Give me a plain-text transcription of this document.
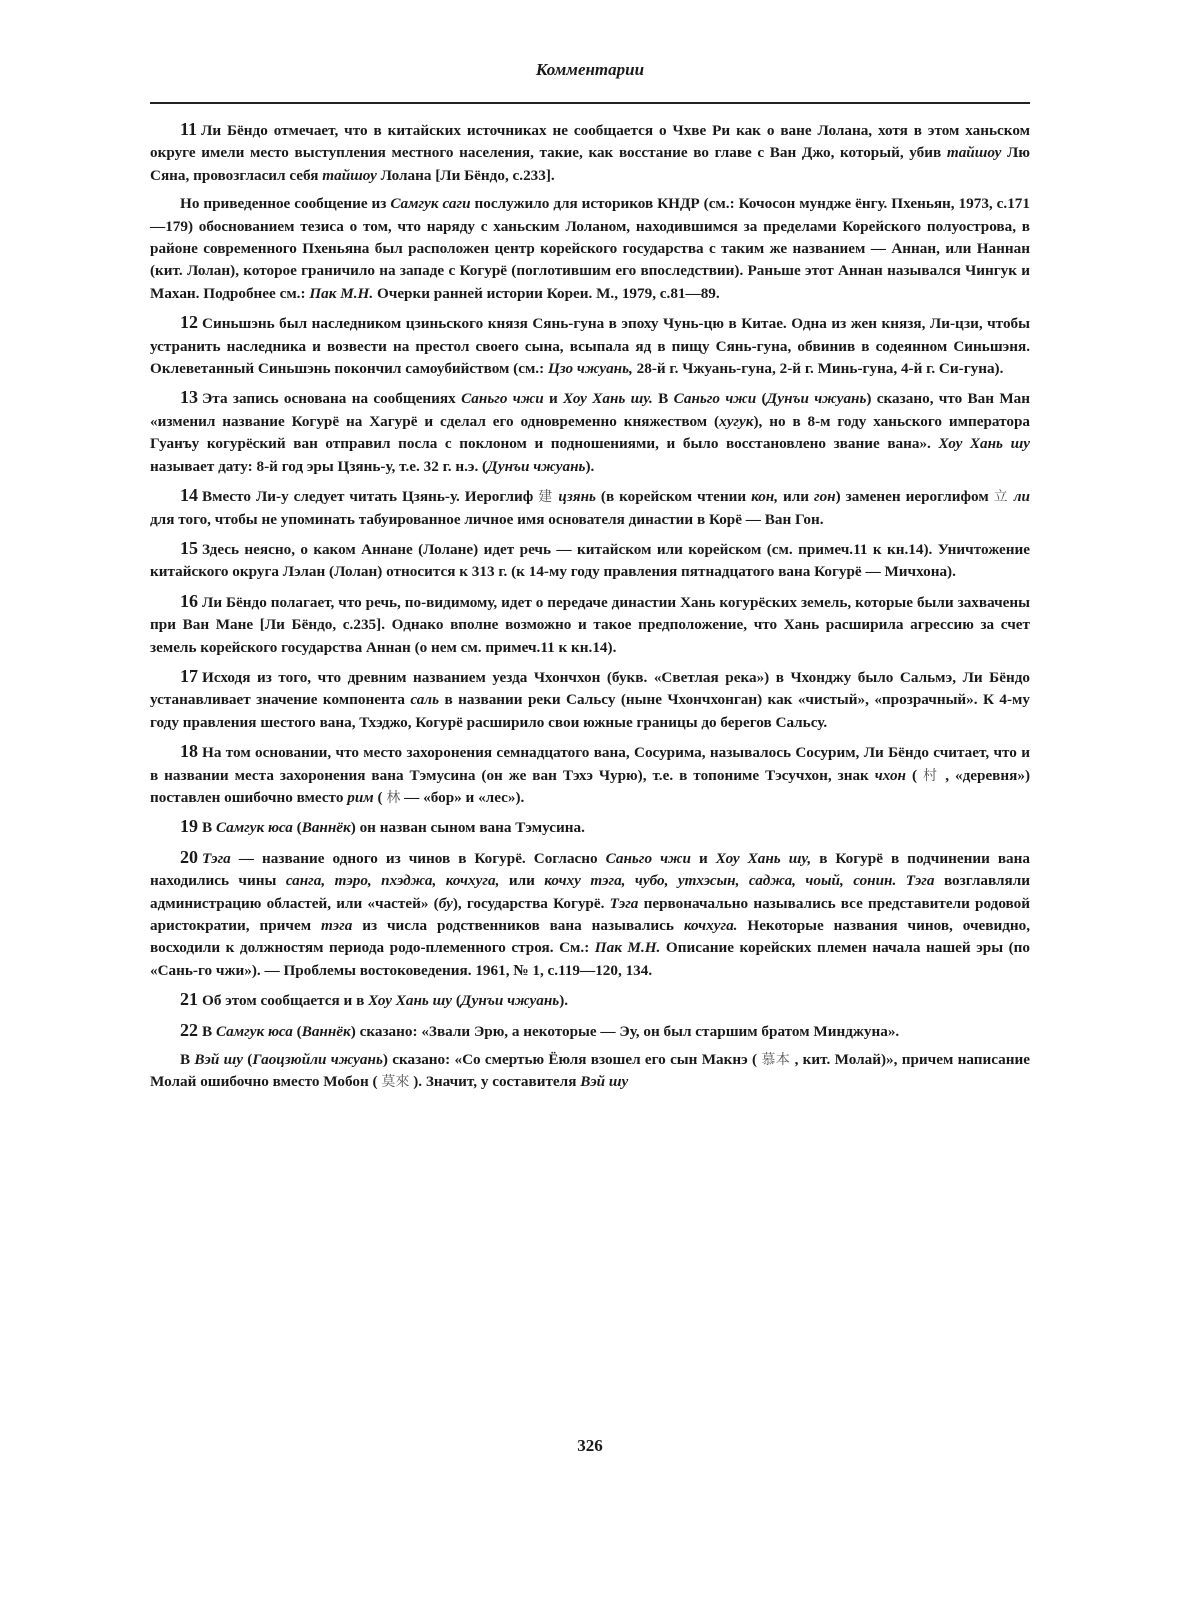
Комментарии

11 Ли Бёндо отмечает, что в китайских источниках не сообщается о Чхве Ри как о ване Лолана, хотя в этом ханьском округе имели место выступления местного населения, такие, как восстание во главе с Ван Джо, который, убив тайшоу Лю Сяна, провозгласил себя тайшоу Лолана [Ли Бёндо, с.233].

Но приведенное сообщение из Самгук саги послужило для историков КНДР (см.: Кочосон мундже ёнгу. Пхеньян, 1973, с.171—179) обоснованием тезиса о том, что наряду с ханьским Лоланом, находившимся за пределами Корейского полуострова, в районе современного Пхеньяна был расположен центр корейского государства с таким же названием — Аннан, или Наннан (кит. Лолан), которое граничило на западе с Когурё (поглотившим его впоследствии). Раньше этот Аннан назывался Чингук и Махан. Подробнее см.: Пак М.Н. Очерки ранней истории Кореи. М., 1979, с.81—89.

12 Синьшэнь был наследником цзиньского князя Сянь-гуна в эпоху Чунь-цю в Китае. Одна из жен князя, Ли-цзи, чтобы устранить наследника и возвести на престол своего сына, всыпала яд в пищу Сянь-гуна, обвинив в содеянном Синьшэня. Оклеветанный Синьшэнь покончил самоубийством (см.: Цзо чжуань, 28-й г. Чжуань-гуна, 2-й г. Минь-гуна, 4-й г. Си-гуна).

13 Эта запись основана на сообщениях Саньго чжи и Хоу Хань шу. В Саньго чжи (Дунъи чжуань) сказано, что Ван Ман «изменил название Когурё на Хагурё и сделал его одновременно княжеством (хугук), но в 8-м году ханьского императора Гуанъу когурёский ван отправил посла с поклоном и подношениями, и было восстановлено звание вана». Хоу Хань шу называет дату: 8-й год эры Цзянь-у, т.е. 32 г. н.э. (Дунъи чжуань).

14 Вместо Ли-у следует читать Цзянь-у. Иероглиф 建 цзянь (в корейском чтении кон, или гон) заменен иероглифом 立 ли для того, чтобы не упоминать табуированное личное имя основателя династии в Корё — Ван Гон.

15 Здесь неясно, о каком Аннане (Лолане) идет речь — китайском или корейском (см. примеч.11 к кн.14). Уничтожение китайского округа Лэлан (Лолан) относится к 313 г. (к 14-му году правления пятнадцатого вана Когурё — Мичхона).

16 Ли Бёндо полагает, что речь, по-видимому, идет о передаче династии Хань когурёских земель, которые были захвачены при Ван Мане [Ли Бёндо, с.235]. Однако вполне возможно и такое предположение, что Хань расширила агрессию за счет земель корейского государства Аннан (о нем см. примеч.11 к кн.14).

17 Исходя из того, что древним названием уезда Чхончхон (букв. «Светлая река») в Чхонджу было Сальмэ, Ли Бёндо устанавливает значение компонента саль в названии реки Сальсу (ныне Чхончхонган) как «чистый», «прозрачный». К 4-му году правления шестого вана, Тхэджо, Когурё расширило свои южные границы до берегов Сальсу.

18 На том основании, что место захоронения семнадцатого вана, Сосурима, называлось Сосурим, Ли Бёндо считает, что и в названии места захоронения вана Тэмусина (он же ван Тэхэ Чурю), т.е. в топониме Тэсучхон, знак чхон ( 村 , «деревня») поставлен ошибочно вместо рим ( 林 — «бор» и «лес»).

19 В Самгук юса (Ваннёк) он назван сыном вана Тэмусина.

20 Тэга — название одного из чинов в Когурё. Согласно Саньго чжи и Хоу Хань шу, в Когурё в подчинении вана находились чины санга, тэро, пхэджа, кочхуга, или кочху тэга, чубо, утхэсын, саджа, чоый, сонин. Тэга возглавляли администрацию областей, или «частей» (бу), государства Когурё. Тэга первоначально назывались все представители родовой аристократии, причем тэга из числа родственников вана назывались кочхуга. Некоторые названия чинов, очевидно, восходили к должностям периода родо-племенного строя. См.: Пак М.Н. Описание корейских племен начала нашей эры (по «Сань-го чжи»). — Проблемы востоковедения. 1961, № 1, с.119—120, 134.

21 Об этом сообщается и в Хоу Хань шу (Дунъи чжуань).

22 В Самгук юса (Ваннёк) сказано: «Звали Эрю, а некоторые — Эу, он был старшим братом Минджуна».

В Вэй шу (Гаоцзюйли чжуань) сказано: «Со смертью Ёюля взошел его сын Макнэ ( 慕本 , кит. Молай)», причем написание Молай ошибочно вместо Мобон ( 莫來 ). Значит, у составителя Вэй шу

326
